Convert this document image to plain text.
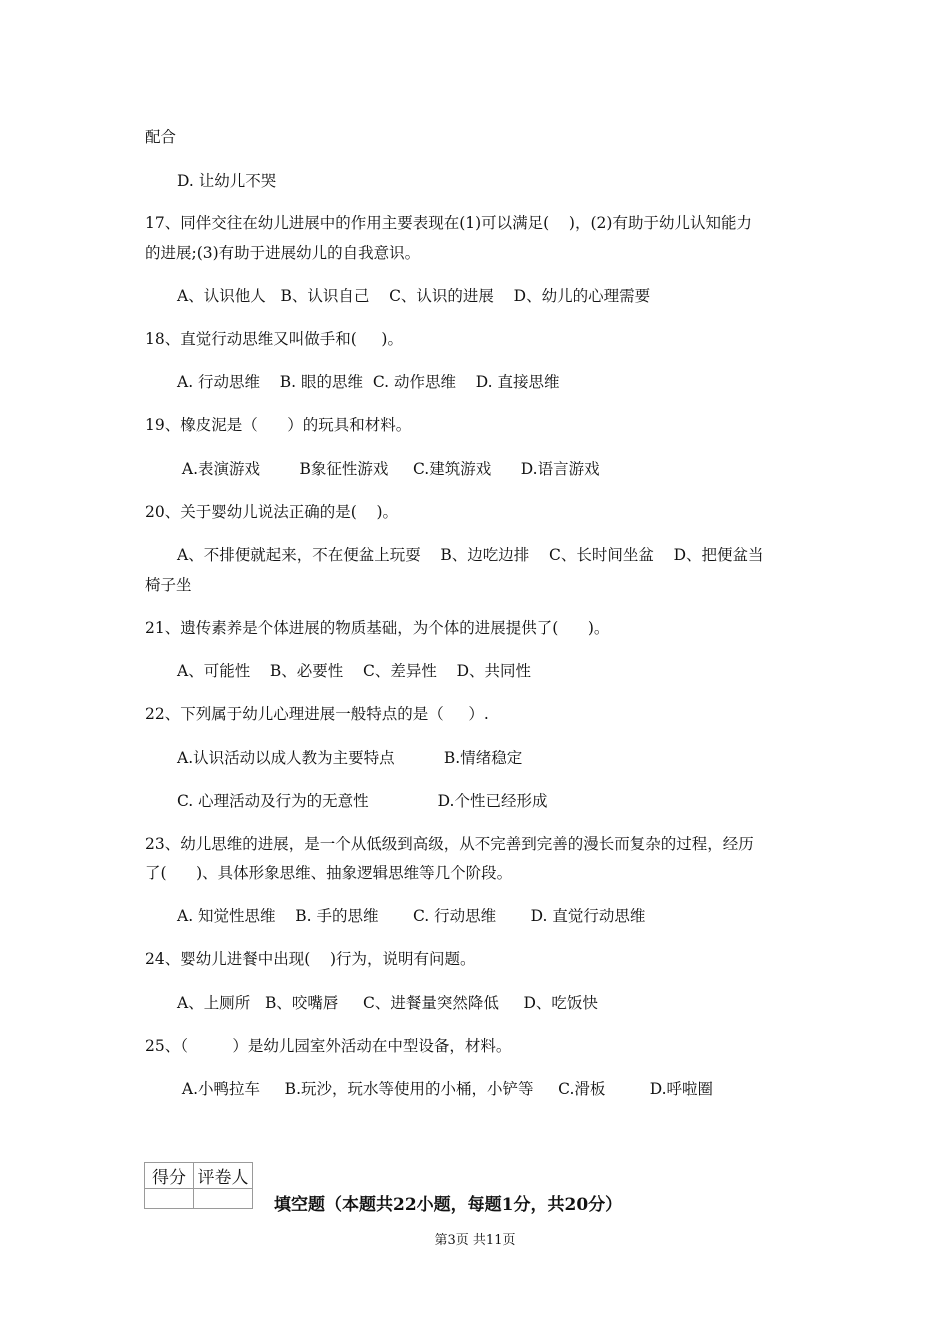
配合
D. 让幼儿不哭
17、同伴交往在幼儿进展中的作用主要表现在(1)可以满足(    )，(2)有助于幼儿认知能力
的进展;(3)有助于进展幼儿的自我意识。
A、认识他人   B、认识自己    C、认识的进展    D、幼儿的心理需要
18、直觉行动思维又叫做手和(     )。
A. 行动思维    B. 眼的思维  C. 动作思维    D. 直接思维
19、橡皮泥是（      ）的玩具和材料。
A.表演游戏        B象征性游戏     C.建筑游戏      D.语言游戏
20、关于婴幼儿说法正确的是(    )。
A、不排便就起来，不在便盆上玩耍    B、边吃边排    C、长时间坐盆    D、把便盆当
椅子坐
21、遗传素养是个体进展的物质基础，为个体的进展提供了(      )。
A、可能性    B、必要性    C、差异性    D、共同性
22、下列属于幼儿心理进展一般特点的是（     ）.
A.认识活动以成人教为主要特点          B.情绪稳定
C. 心理活动及行为的无意性              D.个性已经形成
23、幼儿思维的进展，是一个从低级到高级，从不完善到完善的漫长而复杂的过程，经历
了(      )、具体形象思维、抽象逻辑思维等几个阶段。
A. 知觉性思维    B. 手的思维       C. 行动思维       D. 直觉行动思维
24、婴幼儿进餐中出现(    )行为，说明有问题。
A、上厕所   B、咬嘴唇     C、进餐量突然降低     D、吃饭快
25、（         ）是幼儿园室外活动在中型设备，材料。
A.小鸭拉车     B.玩沙，玩水等使用的小桶，小铲等     C.滑板         D.呼啦圈
得分	评卷人

填空题（本题共22小题，每题1分，共20分）
第3页 共11页
